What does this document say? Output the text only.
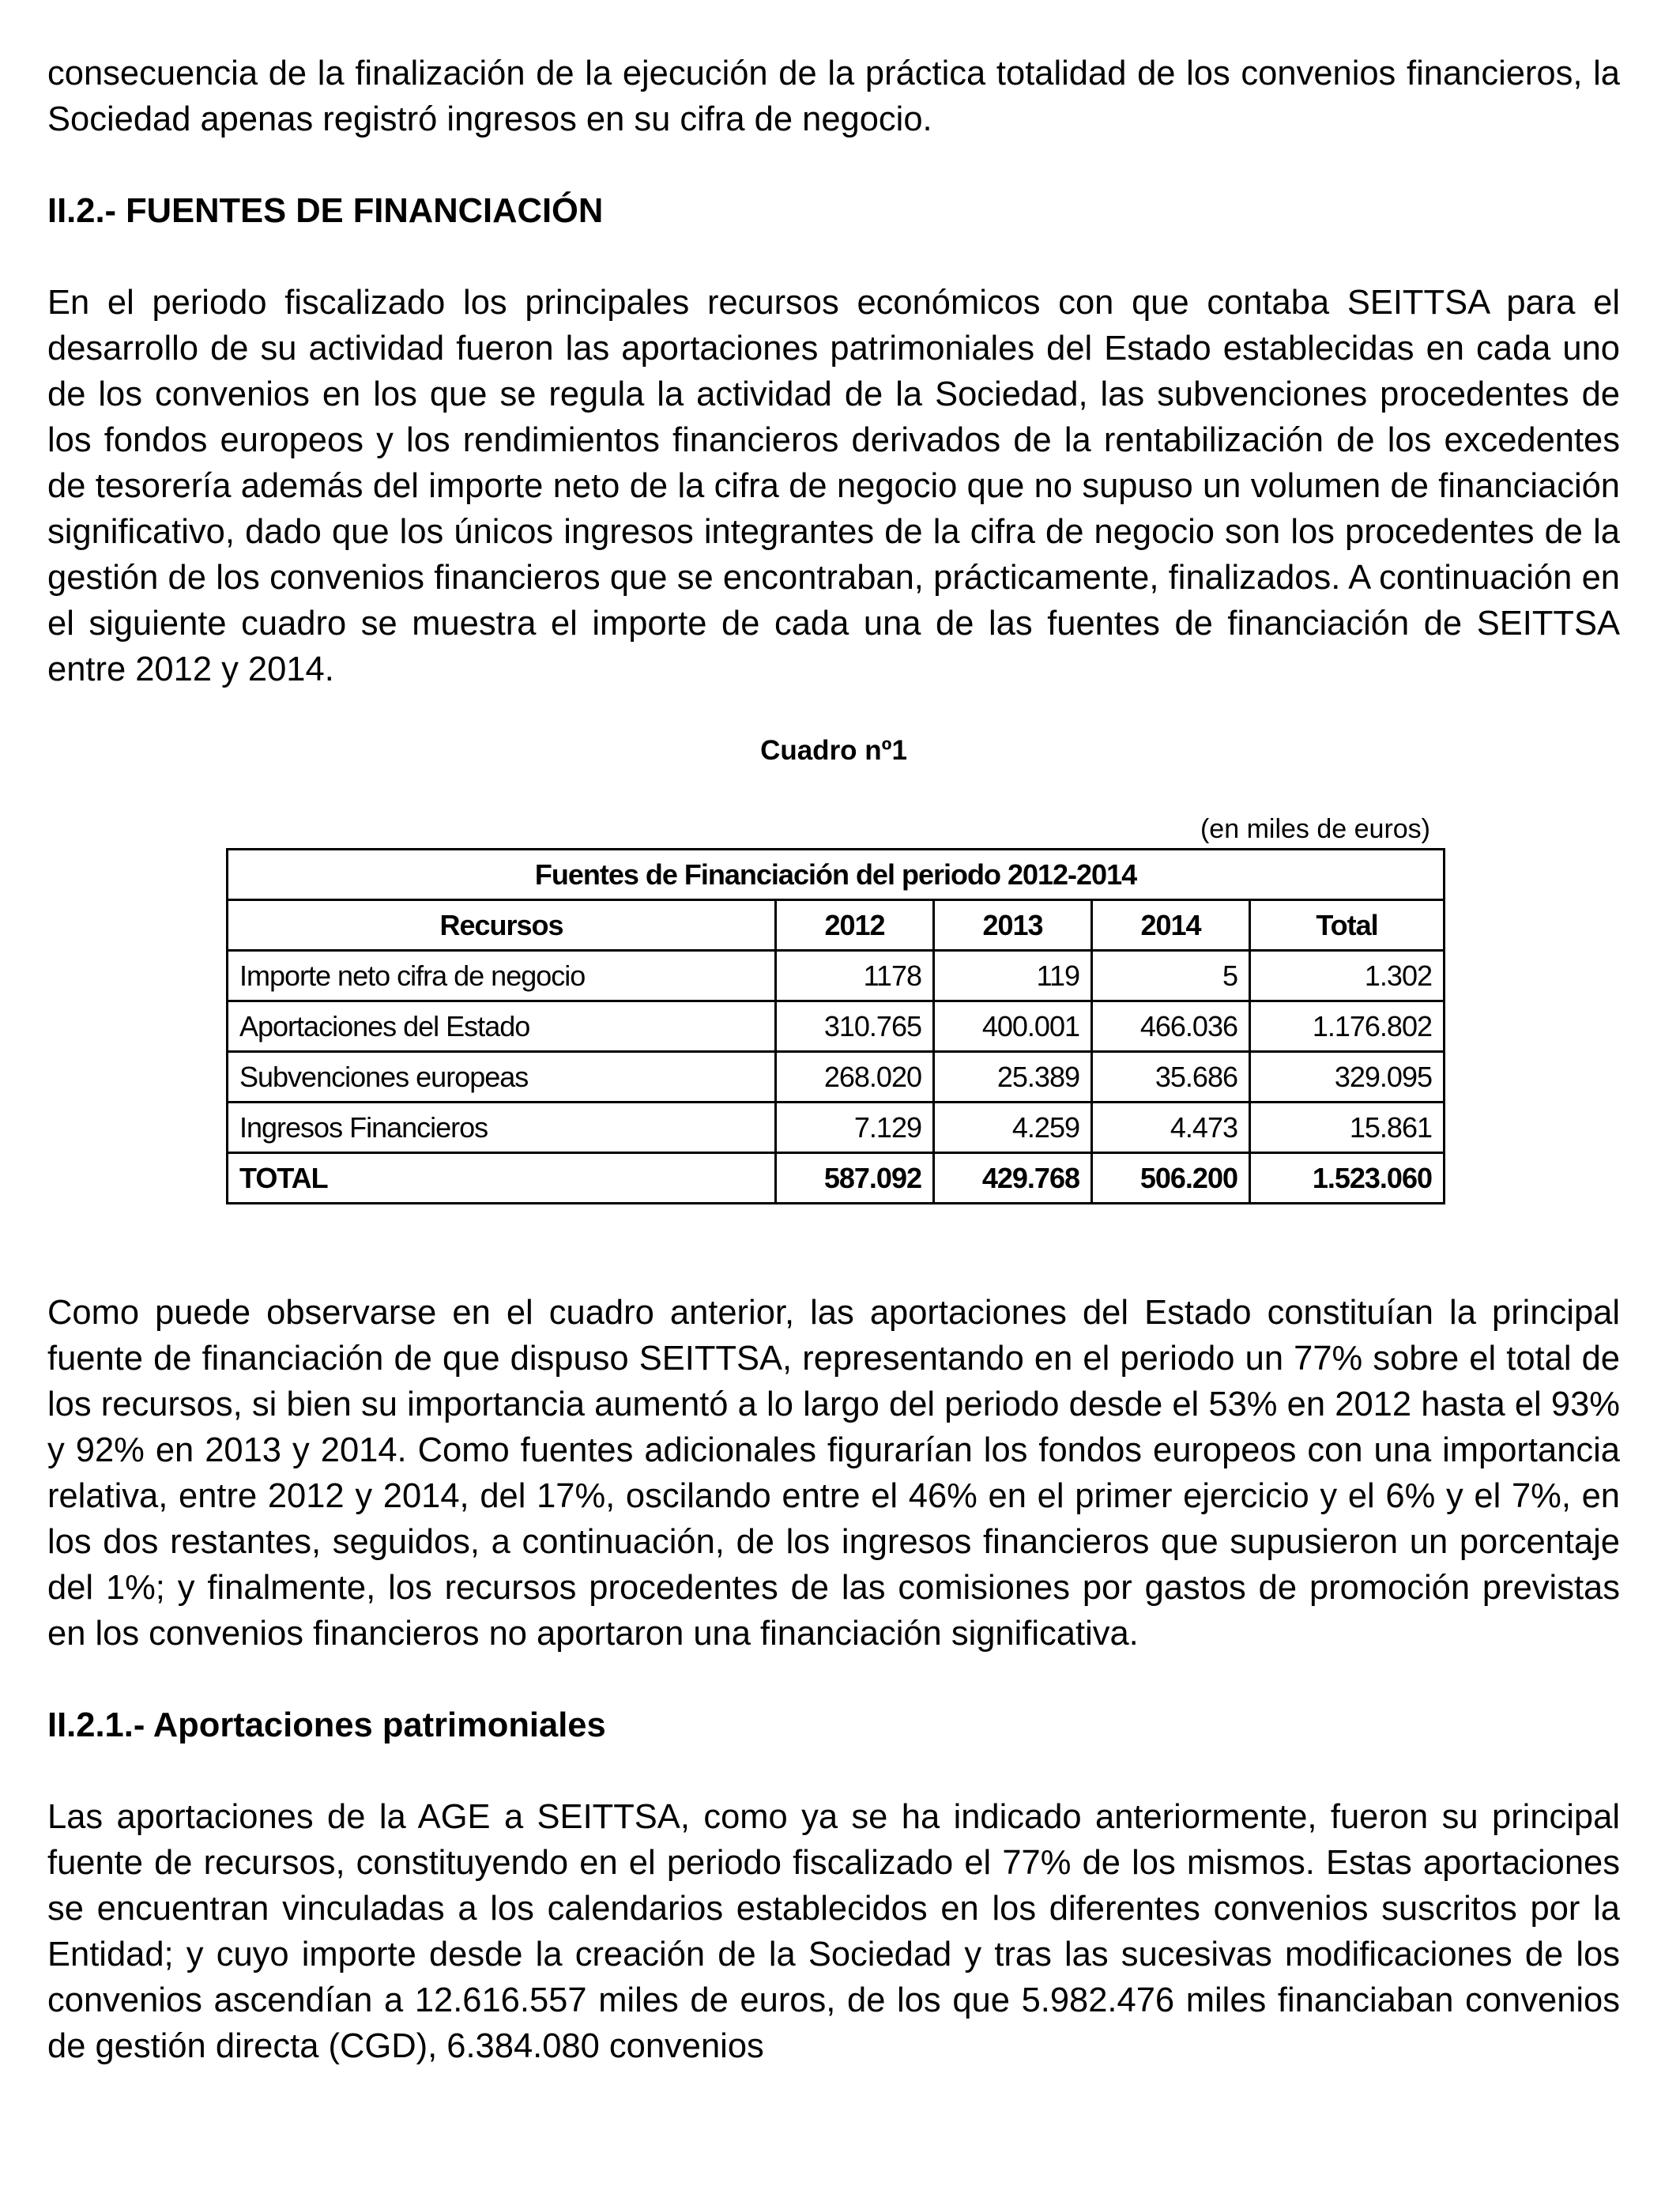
consecuencia de la finalización de la ejecución de la práctica totalidad de los convenios financieros, la Sociedad apenas registró ingresos en su cifra de negocio.

II.2.- FUENTES DE FINANCIACIÓN

En el periodo fiscalizado los principales recursos económicos con que contaba SEITTSA para el desarrollo de su actividad fueron las aportaciones patrimoniales del Estado establecidas en cada uno de los convenios en los que se regula la actividad de la Sociedad, las subvenciones procedentes de los fondos europeos y los rendimientos financieros derivados de la rentabilización de los excedentes de tesorería además del importe neto de la cifra de negocio que no supuso un volumen de financiación significativo, dado que los únicos ingresos integrantes de la cifra de negocio son los procedentes de la gestión de los convenios financieros que se encontraban, prácticamente, finalizados. A continuación en el siguiente cuadro se muestra el importe de cada una de las fuentes de financiación de SEITTSA entre 2012 y 2014.

Cuadro nº1

(en miles de euros)

Fuentes de Financiación del periodo 2012-2014				
Recursos	2012	2013	2014	Total
Importe neto cifra de negocio	1178	119	5	1.302
Aportaciones del Estado	310.765	400.001	466.036	1.176.802
Subvenciones europeas	268.020	25.389	35.686	329.095
Ingresos Financieros	7.129	4.259	4.473	15.861
TOTAL	587.092	429.768	506.200	1.523.060

Como puede observarse en el cuadro anterior, las aportaciones del Estado constituían la principal fuente de financiación de que dispuso SEITTSA, representando en el periodo un 77% sobre el total de los recursos, si bien su importancia aumentó a lo largo del periodo desde el 53% en 2012 hasta el 93% y 92% en 2013 y 2014. Como fuentes adicionales figurarían los fondos europeos con una importancia relativa, entre 2012 y 2014, del 17%, oscilando entre el 46% en el primer ejercicio y el 6% y el 7%, en los dos restantes, seguidos, a continuación, de los ingresos financieros que supusieron un porcentaje del 1%; y finalmente, los recursos procedentes de las comisiones por gastos de promoción previstas en los convenios financieros no aportaron una financiación significativa.

II.2.1.- Aportaciones patrimoniales

Las aportaciones de la AGE a SEITTSA, como ya se ha indicado anteriormente, fueron su principal fuente de recursos, constituyendo en el periodo fiscalizado el 77% de los mismos. Estas aportaciones se encuentran vinculadas a los calendarios establecidos en los diferentes convenios suscritos por la Entidad; y cuyo importe desde la creación de la Sociedad y tras las sucesivas modificaciones de los convenios ascendían a 12.616.557 miles de euros, de los que 5.982.476 miles financiaban convenios de gestión directa (CGD), 6.384.080 convenios
